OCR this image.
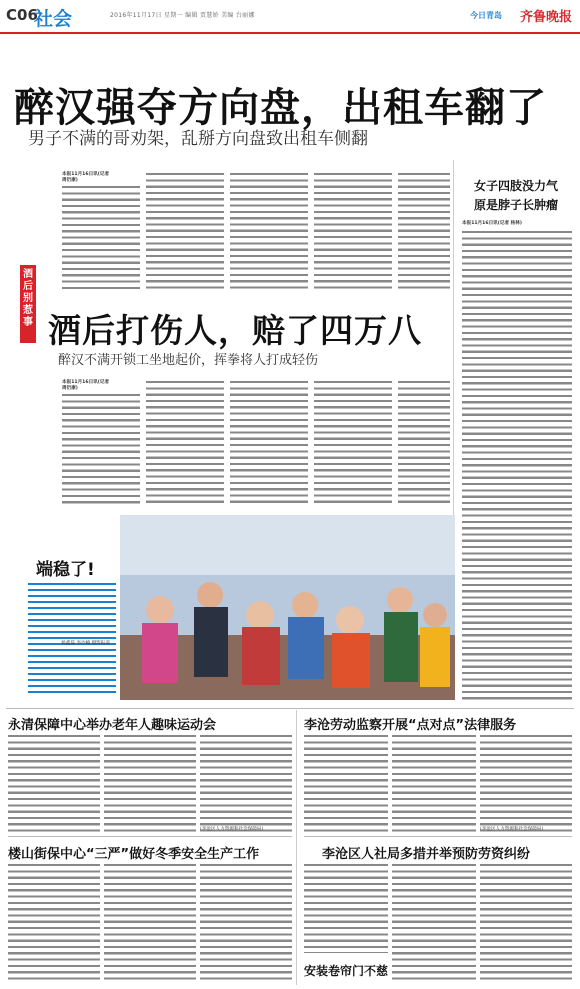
C06
社会	2016年11月17日 星期一 编辑 贾慧娇 美编 台丽娜	今日青岛 齐鲁晚报
醉汉强夺方向盘，出租车翻了
男子不满的哥劝架，乱掰方向盘致出租车侧翻
本报11月16日讯(记者 周衍康)
酒后别惹事 酒后打伤人，赔了四万八
醉汉不满开锁工坐地起价，挥拳将人打成轻伤
本报11月16日讯(记者 周衍康)
女子四肢没力气
原是脖子长肿瘤
本报11月16日讯(记者 杨林)
端稳了!
侯鑫磊 李沙楠 摄影报道
永清保障中心举办老年人趣味运动会
(李沧区人力资源和社会保障局)
楼山街保中心“三严”做好冬季安全生产工作
李沧劳动监察开展“点对点”法律服务
(李沧区人力资源和社会保障局)
李沧区人社局多措并举预防劳资纠纷
安装卷帘门不慈
